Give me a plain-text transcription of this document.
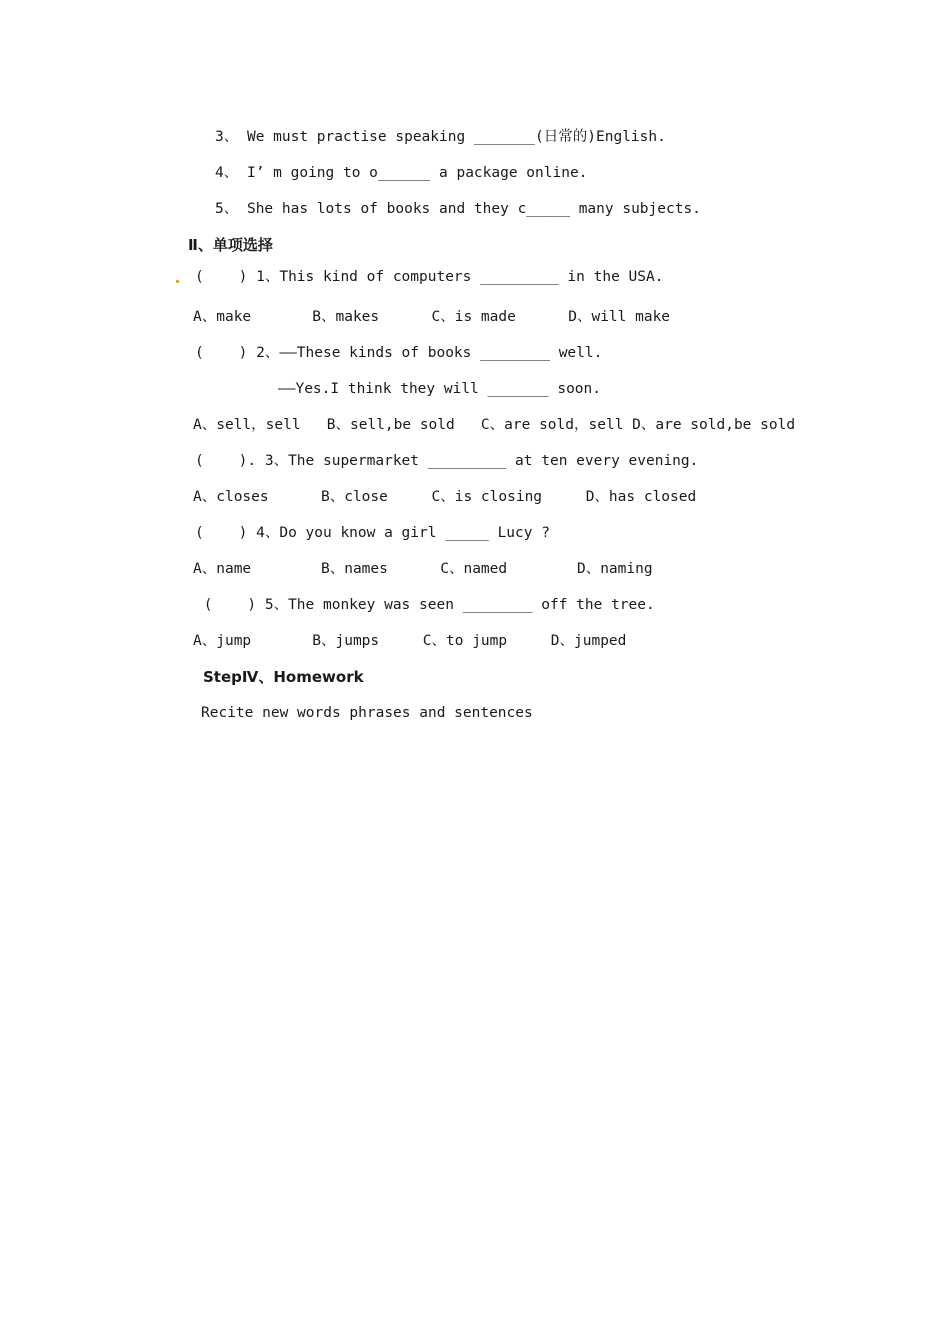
3、 We must practise speaking _______(日常的)English.
4、 I’ m going to o______ a package online.
5、 She has lots of books and they c_____ many subjects.
Ⅱ、单项选择
(    ) 1、This kind of computers _________ in the USA.
A、make       B、makes      C、is made      D、will make
(    ) 2、——These kinds of books ________ well.
——Yes.I think they will _______ soon.
A、sell，sell   B、sell,be sold   C、are sold，sell D、are sold,be sold
(    ). 3、The supermarket _________ at ten every evening.
A、closes      B、close     C、is closing     D、has closed
(    ) 4、Do you know a girl _____ Lucy ?
A、name        B、names      C、named        D、naming
(    ) 5、The monkey was seen ________ off the tree.
A、jump       B、jumps     C、to jump     D、jumped
StepⅣ、Homework
Recite new words phrases and sentences
